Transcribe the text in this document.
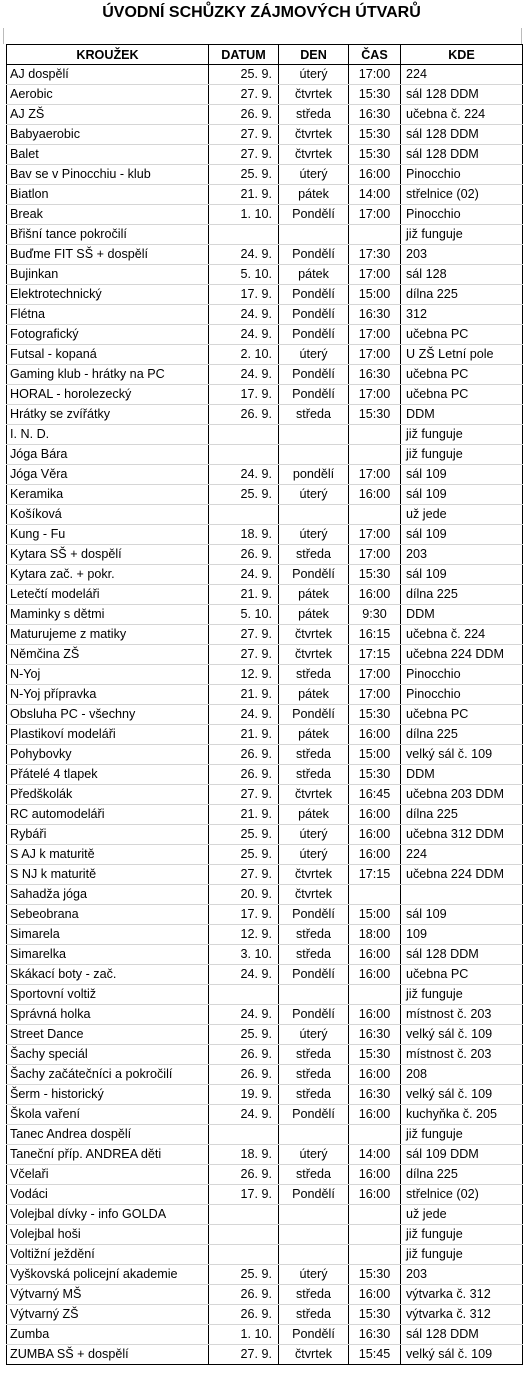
ÚVODNÍ SCHŮZKY ZÁJMOVÝCH ÚTVARŮ
KROUŽEK	DATUM	DEN	ČAS	KDE
AJ dospělí	25. 9.	úterý	17:00	224
Aerobic	27. 9.	čtvrtek	15:30	sál 128 DDM
AJ ZŠ	26. 9.	středa	16:30	učebna č. 224
Babyaerobic	27. 9.	čtvrtek	15:30	sál 128 DDM
Balet	27. 9.	čtvrtek	15:30	sál 128 DDM
Bav se v Pinocchiu - klub	25. 9.	úterý	16:00	Pinocchio
Biatlon	21. 9.	pátek	14:00	střelnice (02)
Break	1. 10.	Pondělí	17:00	Pinocchio
Břišní tance pokročilí				již funguje
Buďme FIT SŠ + dospělí	24. 9.	Pondělí	17:30	203
Bujinkan	5. 10.	pátek	17:00	sál 128
Elektrotechnický	17. 9.	Pondělí	15:00	dílna 225
Flétna	24. 9.	Pondělí	16:30	312
Fotografický	24. 9.	Pondělí	17:00	učebna PC
Futsal - kopaná	2. 10.	úterý	17:00	U ZŠ Letní pole
Gaming klub - hrátky na PC	24. 9.	Pondělí	16:30	učebna PC
HORAL - horolezecký	17. 9.	Pondělí	17:00	učebna PC
Hrátky se zvířátky	26. 9.	středa	15:30	DDM
I. N. D.				již funguje
Jóga Bára				již funguje
Jóga Věra	24. 9.	pondělí	17:00	sál 109
Keramika	25. 9.	úterý	16:00	sál 109
Košíková				už jede
Kung - Fu	18. 9.	úterý	17:00	sál 109
Kytara SŠ + dospělí	26. 9.	středa	17:00	203
Kytara zač. + pokr.	24. 9.	Pondělí	15:30	sál 109
Letečtí modeláři	21. 9.	pátek	16:00	dílna 225
Maminky s dětmi	5. 10.	pátek	9:30	DDM
Maturujeme z matiky	27. 9.	čtvrtek	16:15	učebna č. 224
Němčina ZŠ	27. 9.	čtvrtek	17:15	učebna 224 DDM
N-Yoj	12. 9.	středa	17:00	Pinocchio
N-Yoj přípravka	21. 9.	pátek	17:00	Pinocchio
Obsluha PC - všechny	24. 9.	Pondělí	15:30	učebna PC
Plastikoví modeláři	21. 9.	pátek	16:00	dílna 225
Pohybovky	26. 9.	středa	15:00	velký sál č. 109
Přátelé 4 tlapek	26. 9.	středa	15:30	DDM
Předškolák	27. 9.	čtvrtek	16:45	učebna 203 DDM
RC automodeláři	21. 9.	pátek	16:00	dílna 225
Rybáři	25. 9.	úterý	16:00	učebna 312 DDM
S AJ k maturitě	25. 9.	úterý	16:00	224
S NJ k maturitě	27. 9.	čtvrtek	17:15	učebna 224 DDM
Sahadža jóga	20. 9.	čtvrtek		
Sebeobrana	17. 9.	Pondělí	15:00	sál 109
Simarela	12. 9.	středa	18:00	109
Simarelka	3. 10.	středa	16:00	sál 128 DDM
Skákací boty - zač.	24. 9.	Pondělí	16:00	učebna PC
Sportovní voltiž				již funguje
Správná holka	24. 9.	Pondělí	16:00	místnost č. 203
Street Dance	25. 9.	úterý	16:30	velký sál č. 109
Šachy speciál	26. 9.	středa	15:30	místnost č. 203
Šachy začátečníci a pokročilí	26. 9.	středa	16:00	208
Šerm - historický	19. 9.	středa	16:30	velký sál č. 109
Škola vaření	24. 9.	Pondělí	16:00	kuchyňka č. 205
Tanec Andrea dospělí				již funguje
Taneční příp. ANDREA děti	18. 9.	úterý	14:00	sál 109 DDM
Včelaři	26. 9.	středa	16:00	dílna 225
Vodáci	17. 9.	Pondělí	16:00	střelnice (02)
Volejbal dívky - info GOLDA				už jede
Volejbal hoši				již funguje
Voltižní ježdění				již funguje
Vyškovská policejní akademie	25. 9.	úterý	15:30	203
Výtvarný MŠ	26. 9.	středa	16:00	výtvarka č. 312
Výtvarný ZŠ	26. 9.	středa	15:30	výtvarka č. 312
Zumba	1. 10.	Pondělí	16:30	sál 128 DDM
ZUMBA SŠ + dospělí	27. 9.	čtvrtek	15:45	velký sál č. 109
